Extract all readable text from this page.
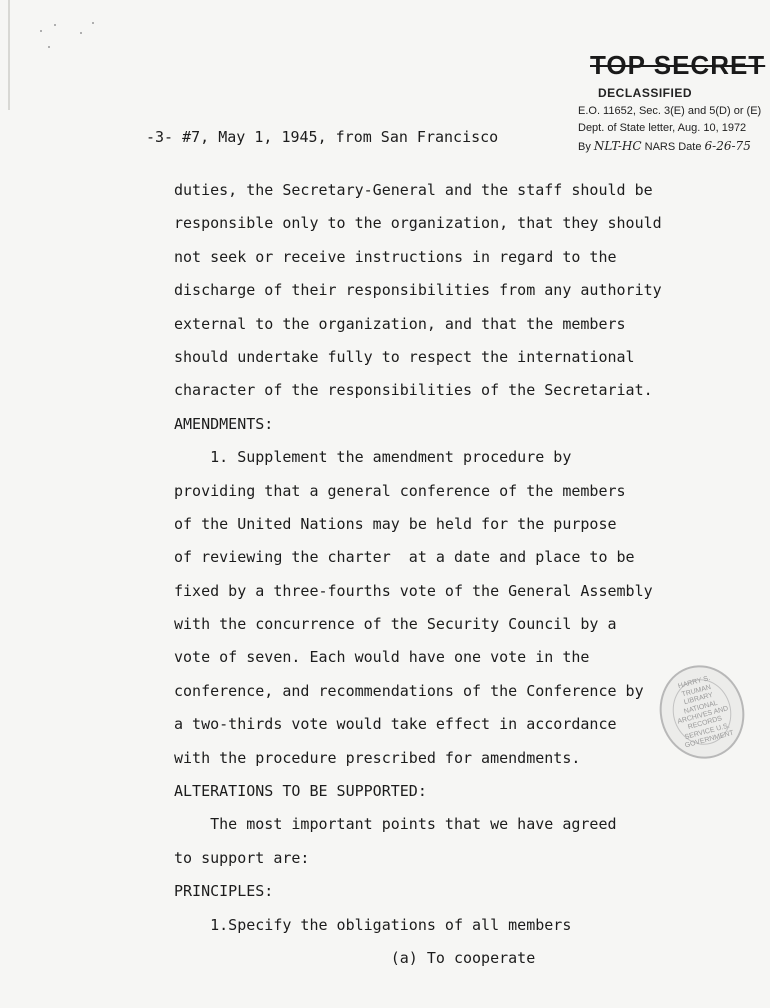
TOP SECRET
DECLASSIFIED
E.O. 11652, Sec. 3(E) and 5(D) or (E)
Dept. of State letter, Aug. 10, 1972
By NLT-HC NARS Date 6-26-75
-3- #7, May 1, 1945, from San Francisco
duties, the Secretary-General and the staff should be
responsible only to the organization, that they should
not seek or receive instructions in regard to the
discharge of their responsibilities from any authority
external to the organization, and that the members
should undertake fully to respect the international
character of the responsibilities of the Secretariat.
AMENDMENTS:
1. Supplement the amendment procedure by
providing that a general conference of the members
of the United Nations may be held for the purpose
of reviewing the charter  at a date and place to be
fixed by a three-fourths vote of the General Assembly
with the concurrence of the Security Council by a
vote of seven. Each would have one vote in the
conference, and recommendations of the Conference by
a two-thirds vote would take effect in accordance
with the procedure prescribed for amendments.
ALTERATIONS TO BE SUPPORTED:
The most important points that we have agreed
to support are:
PRINCIPLES:
1.Specify the obligations of all members
(a) To cooperate
HARRY S. TRUMAN LIBRARY NATIONAL ARCHIVES AND RECORDS SERVICE U.S. GOVERNMENT
